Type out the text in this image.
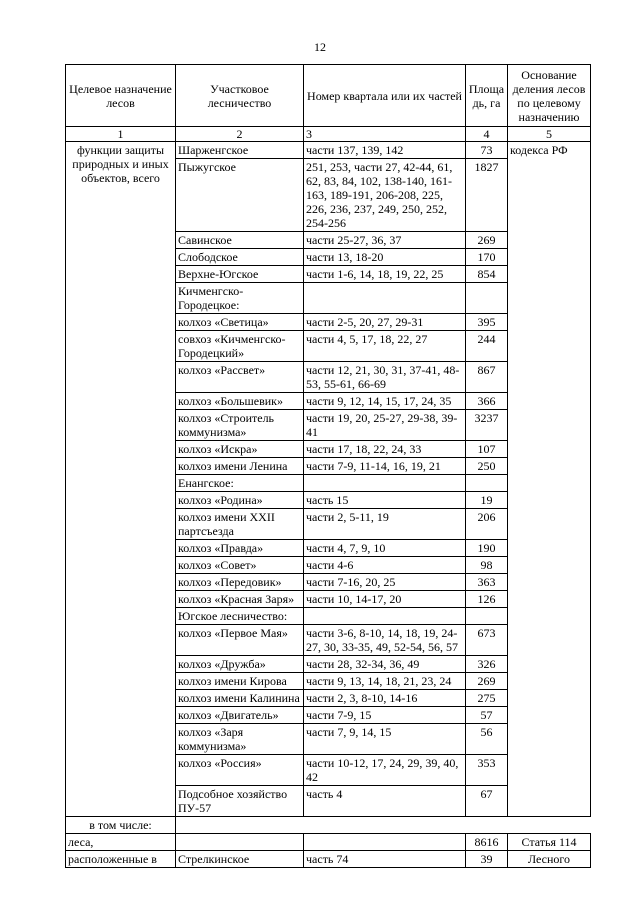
12
Целевое назначение лесов	Участковое лесничество	Номер квартала или их частей	Площа дь, га	Основание деления лесов по целевому назначению
1	2	3	4	5
функции защиты природных и иных объектов, всего	Шарженгское	части 137, 139, 142	73	кодекса РФ
	Пыжугское	251, 253, части 27, 42-44, 61, 62, 83, 84, 102, 138-140, 161-163, 189-191, 206-208, 225, 226, 236, 237, 249, 250, 252, 254-256	1827	
	Савинское	части 25-27, 36, 37	269	
	Слободское	части 13, 18-20	170	
	Верхне-Югское	части 1-6, 14, 18, 19, 22, 25	854	
	Кичменгско-Городецкое:			
	колхоз «Светица»	части 2-5, 20, 27, 29-31	395	
	совхоз «Кичменгско-Городецкий»	части 4, 5, 17, 18, 22, 27	244	
	колхоз «Рассвет»	части 12, 21, 30, 31, 37-41, 48-53, 55-61, 66-69	867	
	колхоз «Большевик»	части 9, 12, 14, 15, 17, 24, 35	366	
	колхоз «Строитель коммунизма»	части 19, 20, 25-27, 29-38, 39-41	3237	
	колхоз «Искра»	части 17, 18, 22, 24, 33	107	
	колхоз имени Ленина	части 7-9, 11-14, 16, 19, 21	250	
	Енангское:			
	колхоз «Родина»	часть 15	19	
	колхоз имени XXII партсъезда	части 2, 5-11, 19	206	
	колхоз «Правда»	части 4, 7, 9, 10	190	
	колхоз «Совет»	части 4-6	98	
	колхоз «Передовик»	части 7-16, 20, 25	363	
	колхоз «Красная Заря»	части 10, 14-17, 20	126	
	Югское лесничество:			
	колхоз «Первое Мая»	части 3-6, 8-10, 14, 18, 19, 24-27, 30, 33-35, 49, 52-54, 56, 57	673	
	колхоз «Дружба»	части 28, 32-34, 36, 49	326	
	колхоз имени Кирова	части 9, 13, 14, 18, 21, 23, 24	269	
	колхоз имени Калинина	части 2, 3, 8-10, 14-16	275	
	колхоз «Двигатель»	части 7-9, 15	57	
	колхоз «Заря коммунизма»	части 7, 9, 14, 15	56	
	колхоз «Россия»	части 10-12, 17, 24, 29, 39, 40, 42	353	
	Подсобное хозяйство ПУ-57	часть 4	67	
в том числе:				
леса,			8616	Статья 114
расположенные в	Стрелкинское	часть 74	39	Лесного
